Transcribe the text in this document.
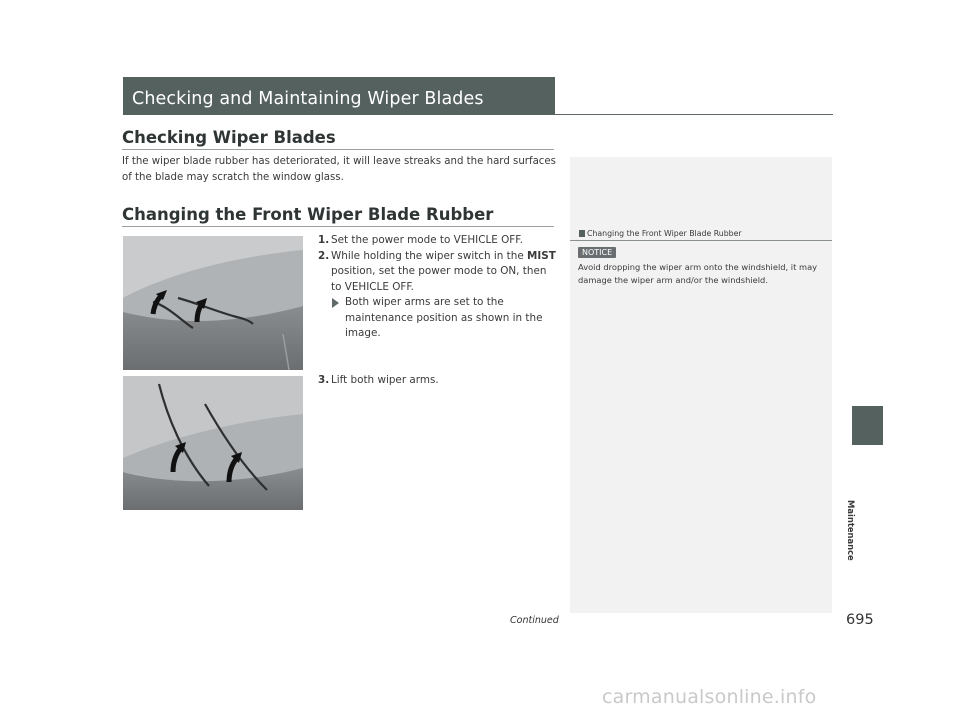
Checking and Maintaining Wiper Blades
Checking Wiper Blades
If the wiper blade rubber has deteriorated, it will leave streaks and the hard surfaces of the blade may scratch the window glass.
Changing the Front Wiper Blade Rubber
1. Set the power mode to VEHICLE OFF.
2. While holding the wiper switch in the MIST position, set the power mode to ON, then to VEHICLE OFF.
Both wiper arms are set to the maintenance position as shown in the image.
3. Lift both wiper arms.
Changing the Front Wiper Blade Rubber
NOTICE
Avoid dropping the wiper arm onto the windshield, it may damage the wiper arm and/or the windshield.
Maintenance
Continued	695
carmanualsonline.info
